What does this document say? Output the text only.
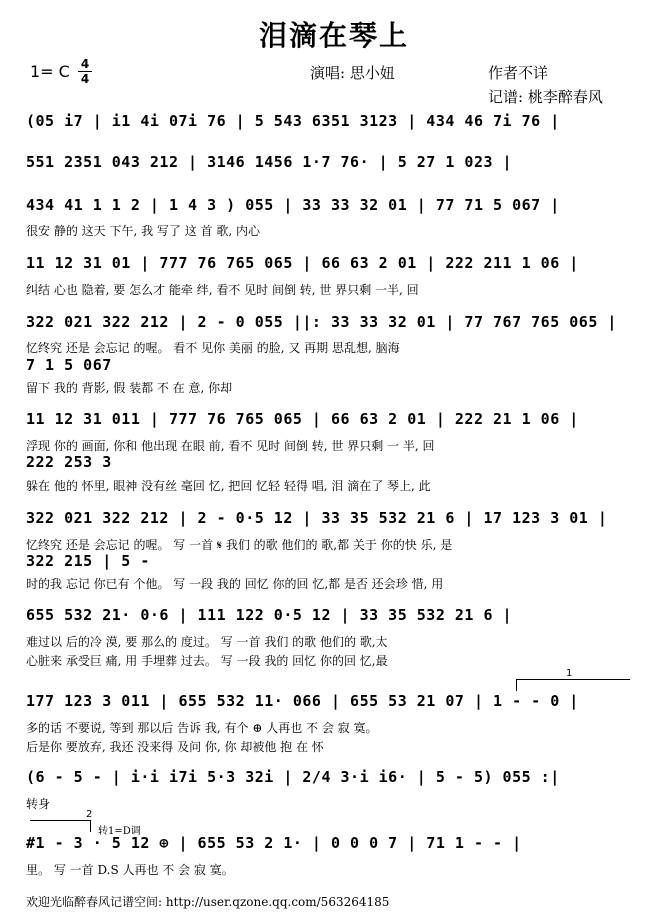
泪滴在琴上
1= C 4
4	演唱: 思小妞	作者不详
记谱: 桃李醉春风
(05 i7 | i1 4i 07i 76 | 5 543 6351 3123 | 434 46 7i 76 |
551 2351 043 212 | 3146 1456 1·7 76· | 5 27 1 023 |
434 41 1 1 2 | 1 4 3 ) 055 | 33 33 32 01 | 77 71 5 067 |
很安 静的 这天 下午, 我 写了 这 首 歌, 内心
11 12 31 01 | 777 76 765 065 | 66 63 2 01 | 222 211 1 06 |
纠结 心也 隐着, 要 怎么才 能牵 绊, 看不 见时 间倒 转, 世 界只剩 一半, 回
322 021 322 212 | 2 - 0 055 ||: 33 33 32 01 | 77 767 765 065 |
忆终究 还是 会忘记 的喔。 看不 见你 美丽 的脸, 又 再期 思乱想, 脑海
7 1 5 067
留下 我的 背影, 假 装都 不 在 意, 你却
11 12 31 011 | 777 76 765 065 | 66 63 2 01 | 222 21 1 06 |
浮现 你的 画面, 你和 他出现 在眼 前, 看不 见时 间倒 转, 世 界只剩 一 半, 回
222 253 3
躲在 他的 怀里, 眼神 没有丝 毫回 忆, 把回 忆轻 轻得 唱, 泪 滴在了 琴上, 此
322 021 322 212 | 2 - 0·5 12 | 33 35 532 21 6 | 17 123 3 01 |
忆终究 还是 会忘记 的喔。 写 一首 𝄋 我们 的歌 他们的 歌,都 关于 你的快 乐, 是
322 215 | 5 -
时的我 忘记 你已有 个他。 写 一段 我的 回忆 你的回 忆,都 是否 还会珍 惜, 用
655 532 21· 0·6 | 111 122 0·5 12 | 33 35 532 21 6 |
难过以 后的冷 漠, 要 那么的 度过。 写 一首 我们 的歌 他们的 歌,太
心脏来 承受巨 痛, 用 手埋葬 过去。 写 一段 我的 回忆 你的回 忆,最
177 123 3 011 | 655 532 11· 066 | 655 53 21 07 | 1 - - 0 |
多的话 不要说, 等到 那以后 告诉 我, 有个 ⊕ 人再也 不 会 寂 寞。
后是你 要放弃, 我还 没来得 及问 你, 你 却被他 抱 在 怀
(6 - 5 - | i·i i7i 5·3 32i | 2/4 3·i i6· | 5 - 5) 055 :|
转身
#1 - 3 · 5 12 ⊕ | 655 53 2 1· | 0 0 0 7 | 71 1 - - |
里。 写 一首 D.S 人再也 不 会 寂 寞。
1
2
转1=D调
欢迎光临醉春风记谱空间: http://user.qzone.qq.com/563264185
